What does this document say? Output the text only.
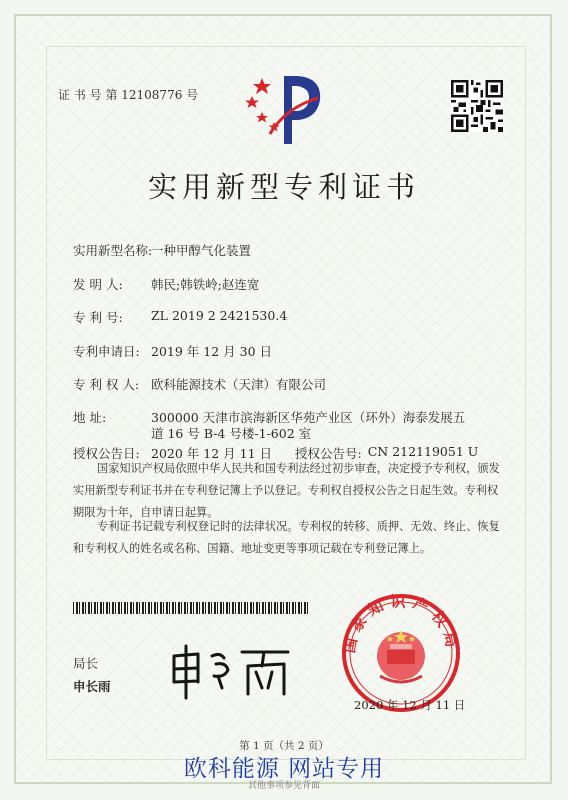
证 书 号 第 12108776 号
实用新型专利证书
实用新型名称:
一种甲醇气化装置
发 明 人:	韩民;韩铁岭;赵连宽
专 利 号:	ZL 2019 2 2421530.4
专利申请日: 2019 年 12 月 30 日
专 利 权 人: 欧科能源技术（天津）有限公司
地 址:	300000 天津市滨海新区华苑产业区（环外）海泰发展五
道 16 号 B-4 号楼-1-602 室
授权公告日: 2020 年 12 月 11 日	授权公告号: CN 212119051 U
国家知识产权局依照中华人民共和国专利法经过初步审查，决定授予专利权，颁发实用新型专利证书并在专利登记簿上予以登记。专利权自授权公告之日起生效。专利权期限为十年，自申请日起算。
专利证书记载专利权登记时的法律状况。专利权的转移、质押、无效、终止、恢复和专利权人的姓名或名称、国籍、地址变更等事项记载在专利登记簿上。
局长
申长雨
国家知识产权局
2020 年 12 月 11 日
第 1 页（共 2 页）
欧科能源 网站专用
其他事项参见背面
